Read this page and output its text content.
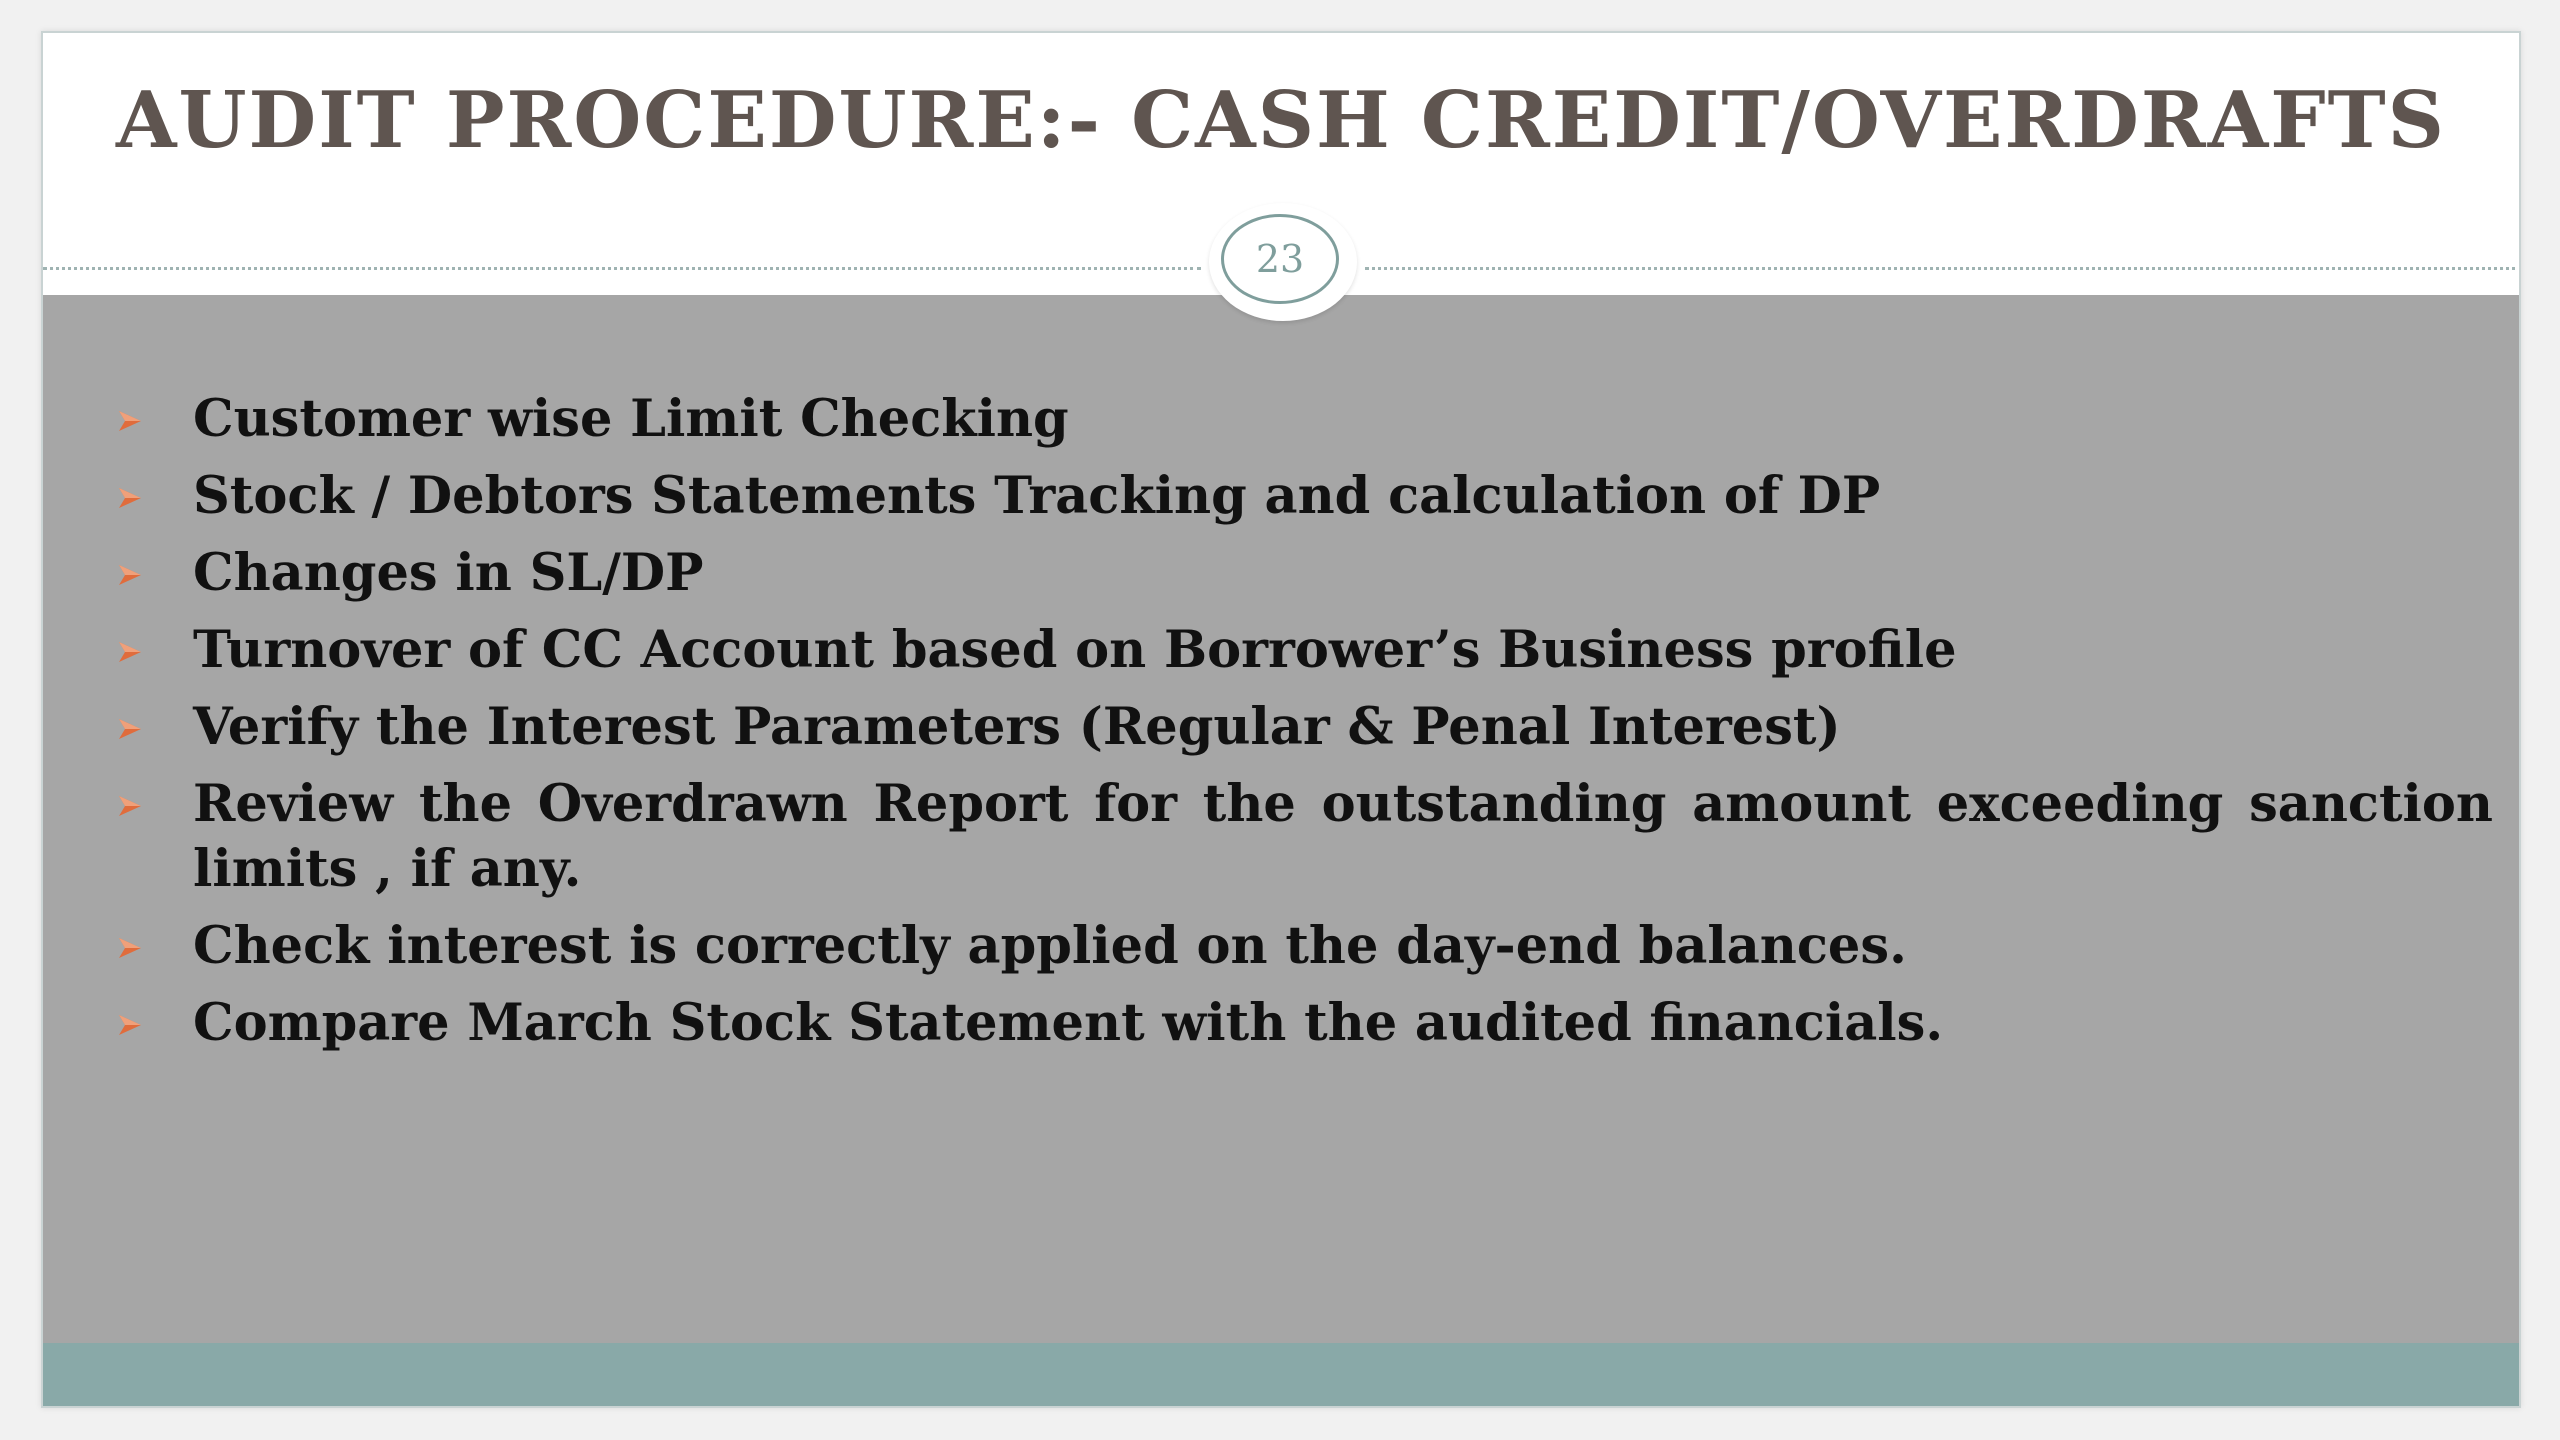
AUDIT PROCEDURE:- CASH CREDIT/OVERDRAFTS
Customer wise Limit Checking
Stock / Debtors Statements Tracking and calculation of DP
Changes in SL/DP
Turnover of CC Account based on Borrower’s Business profile
Verify the Interest Parameters (Regular & Penal Interest)
Review the Overdrawn Report for the outstanding amount exceeding sanction limits , if any.
Check interest is correctly applied on the day-end balances.
Compare March Stock Statement with the audited financials.
23
